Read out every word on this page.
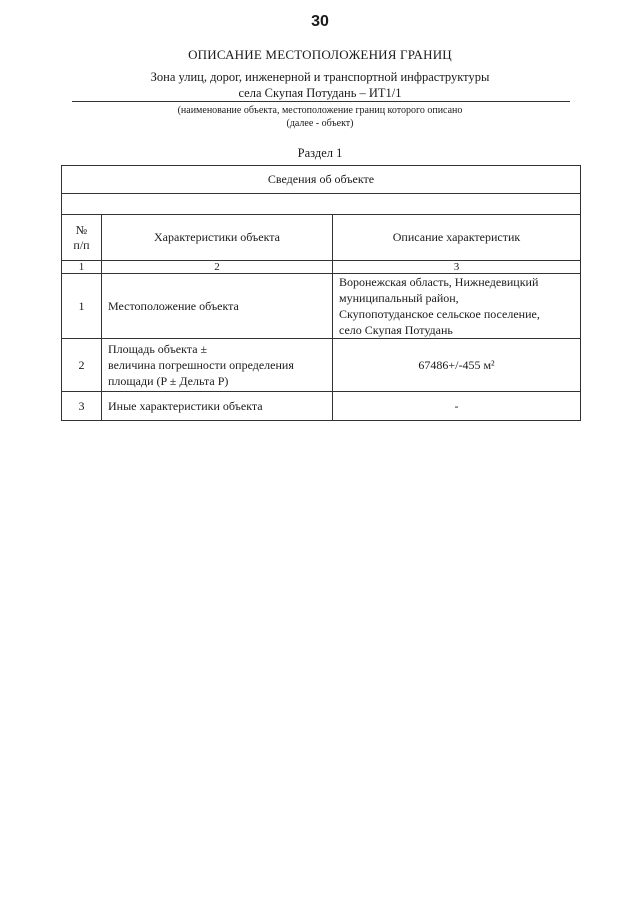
30
ОПИСАНИЕ МЕСТОПОЛОЖЕНИЯ ГРАНИЦ
Зона улиц, дорог, инженерной и транспортной инфраструктуры
села Скупая Потудань – ИТ1/1
(наименование объекта, местоположение границ которого описано
(далее - объект)
Раздел 1
Сведения об объекте		

№
п/п	Характеристики объекта	Описание характеристик
1	2	3
1	Местоположение объекта	Воронежская область, Нижнедевицкий
муниципальный район,
Скупопотуданское сельское поселение,
село Скупая Потудань

2	Площадь объекта ±
величина погрешности определения
площади (P ± Дельта P)	67486+/-455 м²
3	Иные характеристики объекта	-
